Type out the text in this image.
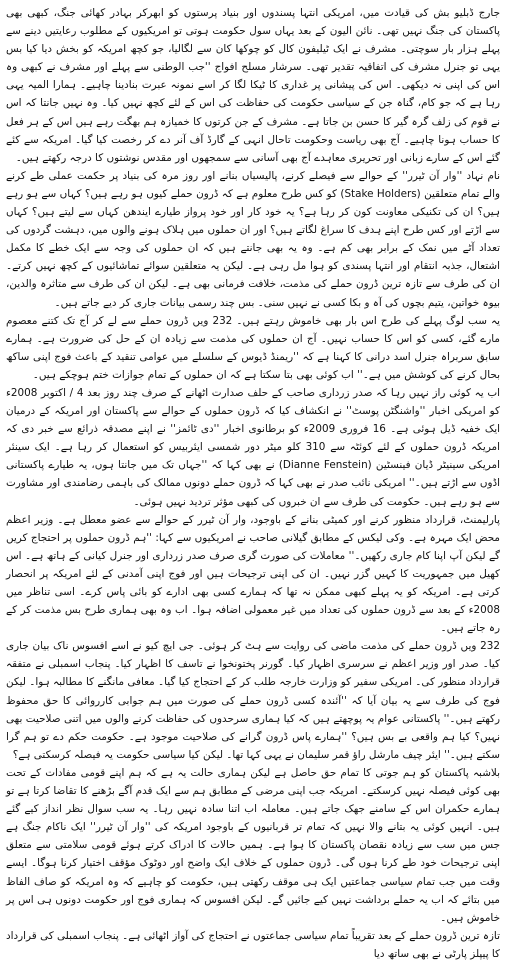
جارج ڈبلیو بش کی قیادت میں، امریکی انتہا پسندوں اور بنیاد پرستوں کو ابھرکر بہادر کھائی جنگ، کبھی بھی پاکستان کی جنگ نہیں تھی۔ نائن الیون کے بعد یہاں سول حکومت ہوتی تو امریکیوں کے مطلوب رعایتیں دینے سے پہلے ہزار بار سوچتی۔ مشرف نے ایک ٹیلیفون کال کو چوکھا کان سے لگالیا، جو کچھ امریکہ کو بخش دیا کیا بس یہی تو جنرل مشرف کی اتفاقیہ تقدیر تھی۔ سرشار مسلح افواج ''جب الوطنی سے پہلے اور مشرف نے کبھی وہ اس کی اپنی نہ دیکھی۔ اس کی پیشانی پر غداری کا ٹیکا لگا کر اسے نمونہ عبرت بنادینا چاہیے۔ ہمارا المیہ یہی رہا ہے کہ جو کام، گناہ جن کے سیاسی حکومت کی حفاظت کی اس کے لئے کچھ نہیں کیا۔ وہ نہیں جانتا کہ اس نے قوم کی زلف گرہ گیر کا حسن بن جاتا ہے۔ مشرف کے جن کرتوں کا خمیازہ ہم بھگت رہے ہیں اس کے ہر فعل کا حساب ہونا چاہیے۔ آج بھی ریاست وحکومت تاحال انہی کے گارڈ آف آنر دے کر رخصت کیا گیا۔ امریکہ سے کئے گئے اس کے سارے زبانی اور تحریری معاہدے آج بھی آسانی سے سمجھوں اور مقدس نوشتوں کا درجہ رکھتے ہیں۔

نام نہاد ''وار آن ٹیرر'' کے حوالے سے فیصلے کرنے، پالیسیاں بنانے اور روز مرہ کی بنیاد پر حکمت عملی طے کرنے والے تمام متعلقین (Stake Holders) کو کس طرح معلوم ہے کہ ڈرون حملے کیوں ہو رہے ہیں؟ کہاں سے ہو رہے ہیں؟ ان کی تکنیکی معاونت کون کر رہا ہے؟ یہ خود کار اور خود پرواز طیارے ایندھن کہاں سے لیتے ہیں؟ کہاں سے اڑتے اور کس طرح اپنے ہدف کا سراغ لگاتے ہیں؟ اور ان حملوں میں ہلاک ہونے والوں میں، دہشت گردوں کی تعداد آٹے میں نمک کے برابر بھی کم ہے۔ وہ یہ بھی جانتے ہیں کہ ان حملوں کی وجہ سے ایک خطے کا مکمل اشتعال، جذبہ انتقام اور انتہا پسندی کو ہوا مل رہی ہے۔ لیکن یہ متعلقین سوائے تماشائیوں کے کچھ نہیں کرتے۔ ان کی طرف سے تازہ ترین ڈرون حملے کی مذمت، خلافت فرمانی بھی ہے۔ لیکن ان کی طرف سے متاثرہ والدین، بیوہ خواتین، یتیم بچوں کی آہ و بکا کسی نے نہیں سنی۔ بس چند رسمی بیانات جاری کر دیے جاتے ہیں۔

یہ سب لوگ پہلے کی طرح اس بار بھی خاموش رہتے ہیں۔ 232 ویں ڈرون حملے سے لے کر آج تک کتنے معصوم مارے گئے، کسی کو اس کا حساب نہیں۔ آج ان حملوں کی مذمت سے زیادہ ان کے حل کی ضرورت ہے۔ ہمارے سابق سربراہ جنرل اسد درانی کا کہنا ہے کہ ''ریمنڈ ڈیوس کے سلسلے میں عوامی تنقید کے باعث فوج اپنی ساکھ بحال کرنے کی کوشش میں ہے۔'' اب کوئی بھی بتا سکتا ہے کہ ان حملوں کے تمام جوازات ختم ہوچکے ہیں۔

اب یہ کوئی راز نہیں رہا کہ صدر زرداری صاحب کے حلف صدارت اٹھانے کے صرف چند روز بعد 4 / اکتوبر 2008ء کو امریکی اخبار ''واشنگٹن پوسٹ'' نے انکشاف کیا کہ ڈرون حملوں کے حوالے سے پاکستان اور امریکہ کے درمیان ایک خفیہ ڈیل ہوئی ہے۔ 16 فروری 2009ء کو برطانوی اخبار ''دی ٹائمز'' نے اپنے مصدقہ ذرائع سے خبر دی کہ امریکہ ڈرون حملوں کے لئے کوئٹہ سے 310 کلو میٹر دور شمسی ایئربیس کو استعمال کر رہا ہے۔ ایک سینئر امریکی سینیٹر ڈیان فینسٹین (Dianne Fenstein) نے بھی کہا کہ ''جہاں تک میں جانتا ہوں، یہ طیارے پاکستانی اڈوں سے اڑتے ہیں۔'' امریکی نائب صدر نے بھی کہا کہ ڈرون حملے دونوں ممالک کی باہمی رضامندی اور مشاورت سے ہو رہے ہیں۔ حکومت کی طرف سے ان خبروں کی کبھی مؤثر تردید نہیں ہوئی۔

پارلیمنٹ، قرارداد منظور کرنے اور کمیٹی بنانے کے باوجود، وار آن ٹیرر کے حوالے سے عضو معطل ہے۔ وزیر اعظم محض ایک مہرہ ہے۔ وکی لیکس کے مطابق گیلانی صاحب نے امریکیوں سے کہا: ''ہم ڈرون حملوں پر احتجاج کریں گے لیکن آپ اپنا کام جاری رکھیں۔'' معاملات کی صورت گری صرف صدر زرداری اور جنرل کیانی کے ہاتھ ہے۔ اس کھیل میں جمہوریت کا کہیں گزر نہیں۔ ان کی اپنی ترجیحات ہیں اور فوج اپنی آمدنی کے لئے امریکہ پر انحصار کرتی ہے۔ امریکہ کو یہ پہلے کبھی ممکن نہ تھا کہ ہمارے کسی بھی ادارے کو بائی پاس کرے۔ اسی تناظر میں 2008ء کے بعد سے ڈرون حملوں کی تعداد میں غیر معمولی اضافہ ہوا۔ اب وہ بھی ہماری طرح بس مذمت کر کے رہ جاتے ہیں۔

232 ویں ڈرون حملے کی مذمت ماضی کی روایت سے ہٹ کر ہوئی۔ جی ایچ کیو نے اسے افسوس ناک بیان جاری کیا۔ صدر اور وزیر اعظم نے سرسری اظہار کیا۔ گورنر پختونخوا نے تاسف کا اظہار کیا۔ پنجاب اسمبلی نے متفقہ قرارداد منظور کی۔ امریکی سفیر کو وزارت خارجہ طلب کر کے احتجاج کیا گیا۔ معافی مانگنے کا مطالبہ ہوا۔ لیکن فوج کی طرف سے یہ بیان آیا کہ ''آئندہ کسی ڈرون حملے کی صورت میں ہم جوابی کارروائی کا حق محفوظ رکھتے ہیں۔'' پاکستانی عوام یہ پوچھتے ہیں کہ کیا ہماری سرحدوں کی حفاظت کرنے والوں میں اتنی صلاحیت بھی نہیں؟ کیا ہم واقعی بے بس ہیں؟ ''ہمارے پاس ڈرون گرانے کی صلاحیت موجود ہے۔ حکومت حکم دے تو ہم گرا سکتے ہیں۔'' ایئر چیف مارشل راؤ قمر سلیمان نے یہی کہا تھا۔ لیکن کیا سیاسی حکومت یہ فیصلہ کرسکتی ہے؟

بلاشبہ پاکستان کو ہم جوتی کا تمام حق حاصل ہے لیکن ہماری حالت یہ ہے کہ ہم اپنے قومی مفادات کے تحت بھی کوئی فیصلہ نہیں کرسکتے۔ امریکہ جب اپنی مرضی کے مطابق ہم سے ایک قدم آگے بڑھنے کا تقاضا کرتا ہے تو ہمارے حکمران اس کے سامنے جھک جاتے ہیں۔ معاملہ اب اتنا سادہ نہیں رہا۔ یہ سب سوال نظر انداز کیے گئے ہیں۔ انہیں کوئی یہ بتانے والا نہیں کہ تمام تر قربانیوں کے باوجود امریکہ کی ''وار آن ٹیرر'' ایک ناکام جنگ ہے جس میں سب سے زیادہ نقصان پاکستان کا ہوا ہے۔ ہمیں حالات کا ادراک کرتے ہوئے قومی سلامتی سے متعلق اپنی ترجیحات خود طے کرنا ہوں گی۔ ڈرون حملوں کے خلاف ایک واضح اور دوٹوک مؤقف اختیار کرنا ہوگا۔ ایسے وقت میں جب تمام سیاسی جماعتیں ایک ہی موقف رکھتی ہیں، حکومت کو چاہیے کہ وہ امریکہ کو صاف الفاظ میں بتائے کہ اب یہ حملے برداشت نہیں کیے جائیں گے۔ لیکن افسوس کہ ہماری فوج اور حکومت دونوں ہی اس پر خاموش ہیں۔

تازہ ترین ڈرون حملے کے بعد تقریباً تمام سیاسی جماعتوں نے احتجاج کی آواز اٹھائی ہے۔ پنجاب اسمبلی کی قرارداد کا پیپلز پارٹی نے بھی ساتھ دیا
